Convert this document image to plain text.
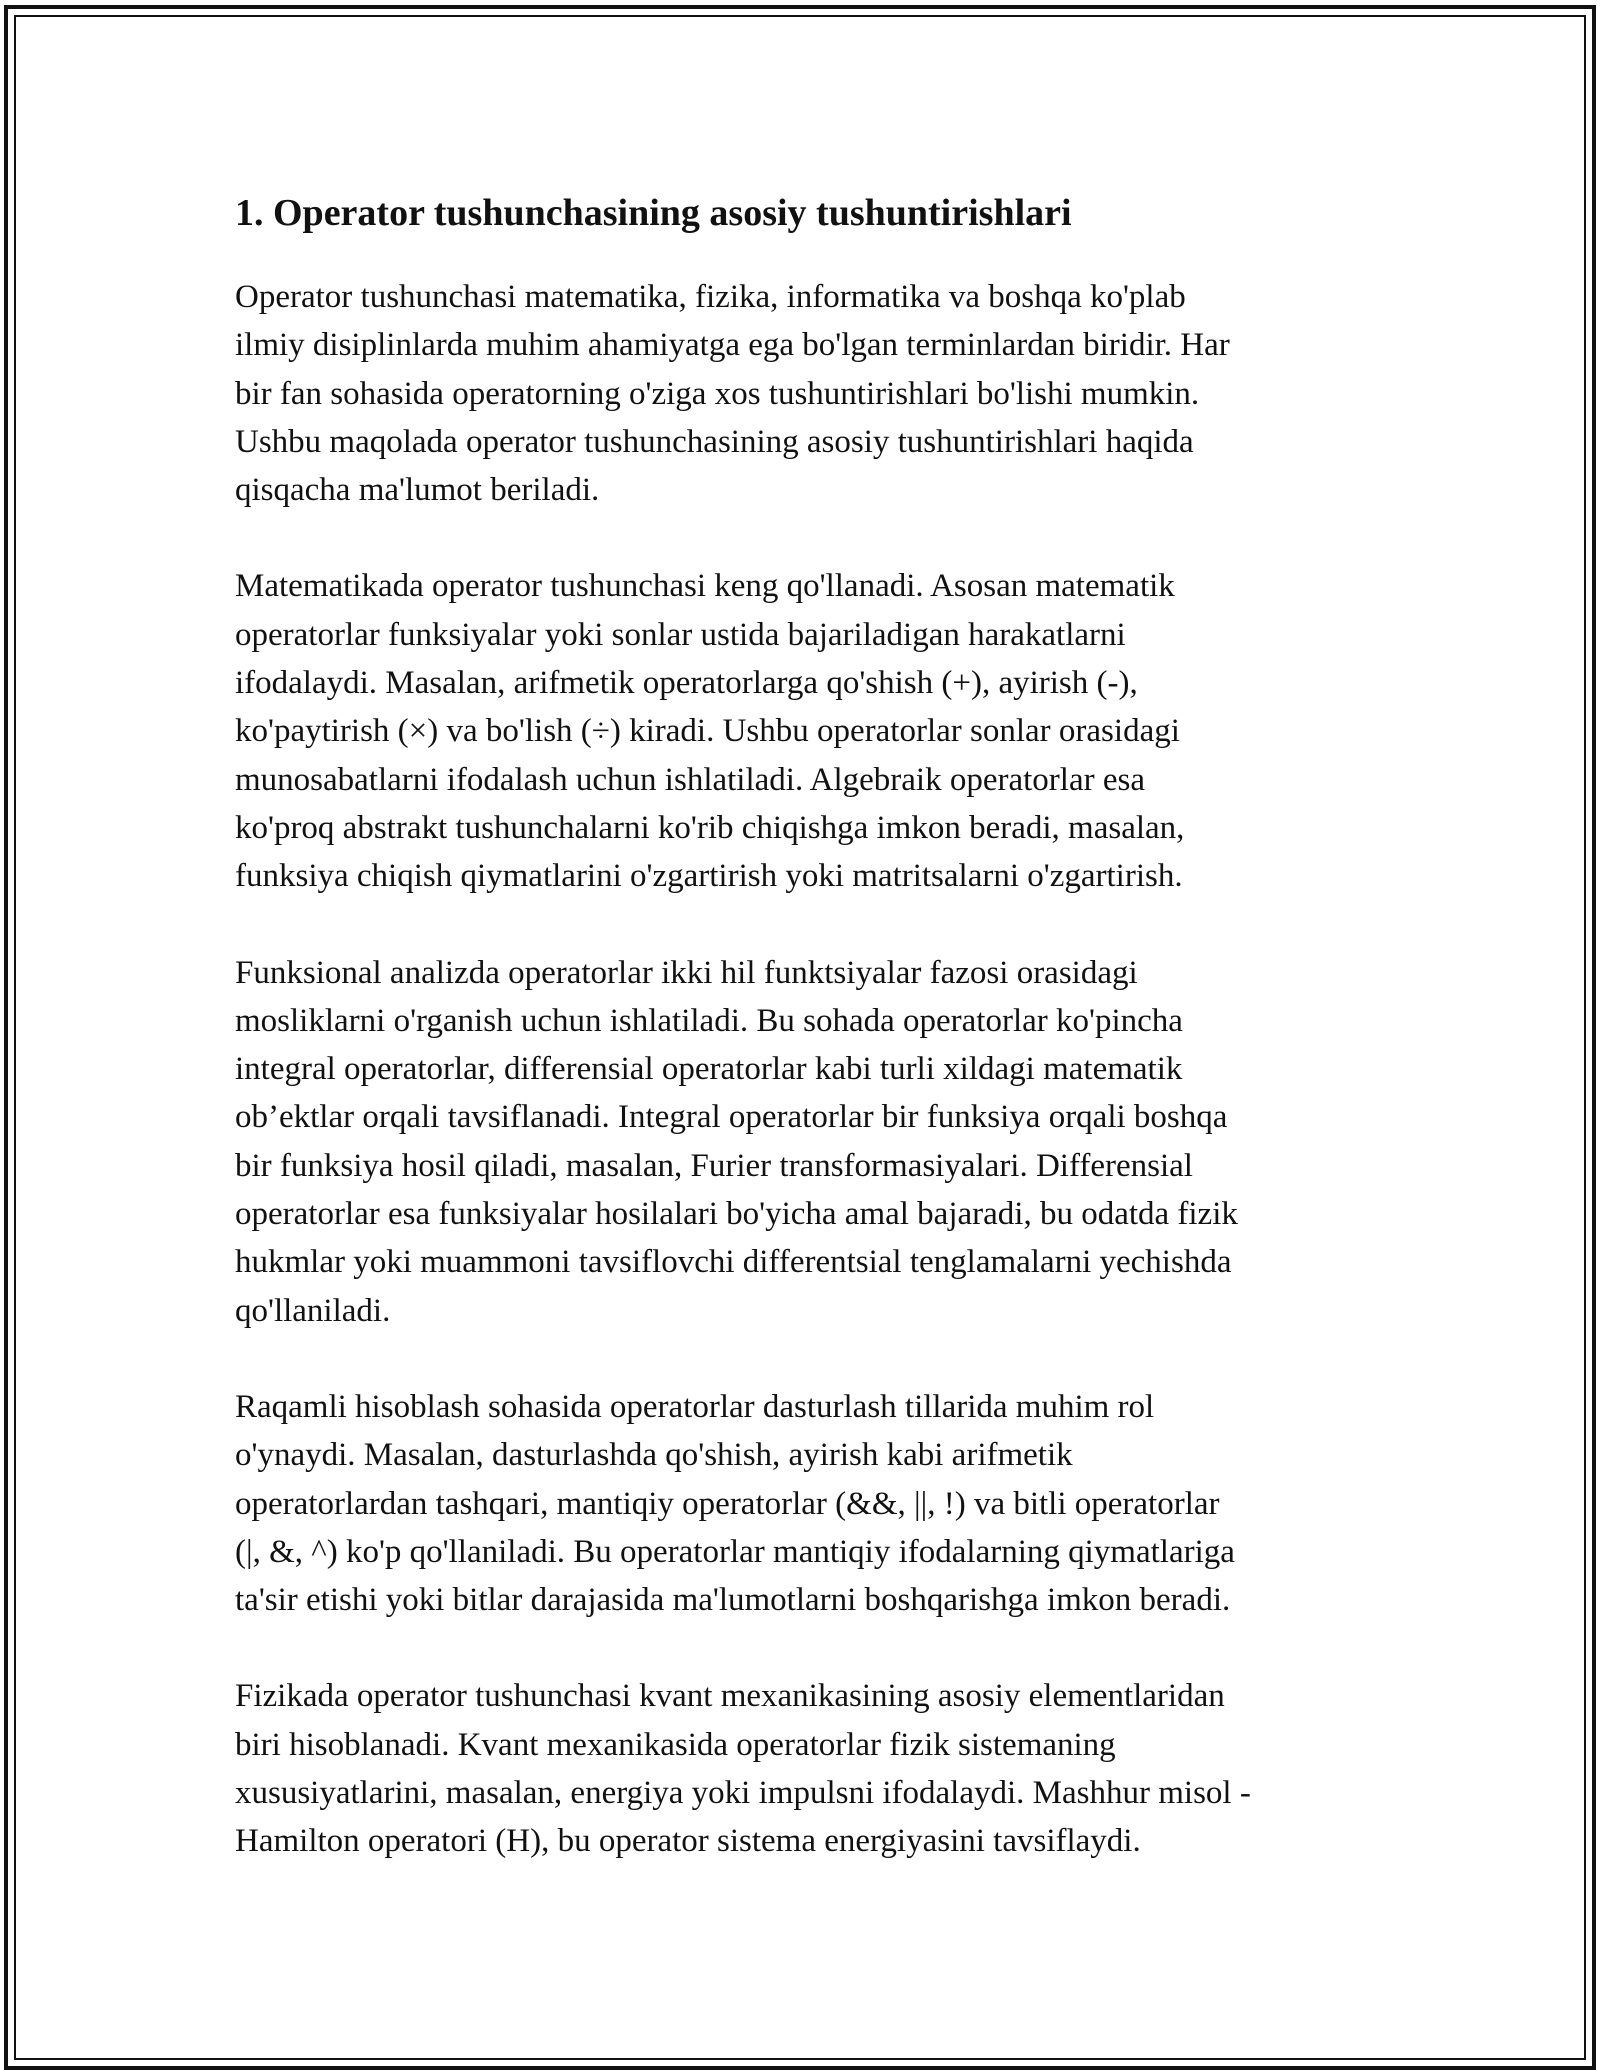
1. Operator tushunchasining asosiy tushuntirishlari

Operator tushunchasi matematika, fizika, informatika va boshqa ko'plab
ilmiy disiplinlarda muhim ahamiyatga ega bo'lgan terminlardan biridir. Har
bir fan sohasida operatorning o'ziga xos tushuntirishlari bo'lishi mumkin.
Ushbu maqolada operator tushunchasining asosiy tushuntirishlari haqida
qisqacha ma'lumot beriladi.

Matematikada operator tushunchasi keng qo'llanadi. Asosan matematik
operatorlar funksiyalar yoki sonlar ustida bajariladigan harakatlarni
ifodalaydi. Masalan, arifmetik operatorlarga qo'shish (+), ayirish (-),
ko'paytirish (×) va bo'lish (÷) kiradi. Ushbu operatorlar sonlar orasidagi
munosabatlarni ifodalash uchun ishlatiladi. Algebraik operatorlar esa
ko'proq abstrakt tushunchalarni ko'rib chiqishga imkon beradi, masalan,
funksiya chiqish qiymatlarini o'zgartirish yoki matritsalarni o'zgartirish.

Funksional analizda operatorlar ikki hil funktsiyalar fazosi orasidagi
mosliklarni o'rganish uchun ishlatiladi. Bu sohada operatorlar ko'pincha
integral operatorlar, differensial operatorlar kabi turli xildagi matematik
ob’ektlar orqali tavsiflanadi. Integral operatorlar bir funksiya orqali boshqa
bir funksiya hosil qiladi, masalan, Furier transformasiyalari. Differensial
operatorlar esa funksiyalar hosilalari bo'yicha amal bajaradi, bu odatda fizik
hukmlar yoki muammoni tavsiflovchi differentsial tenglamalarni yechishda
qo'llaniladi.

Raqamli hisoblash sohasida operatorlar dasturlash tillarida muhim rol
o'ynaydi. Masalan, dasturlashda qo'shish, ayirish kabi arifmetik
operatorlardan tashqari, mantiqiy operatorlar (&&, ||, !) va bitli operatorlar
(|, &, ^) ko'p qo'llaniladi. Bu operatorlar mantiqiy ifodalarning qiymatlariga
ta'sir etishi yoki bitlar darajasida ma'lumotlarni boshqarishga imkon beradi.

Fizikada operator tushunchasi kvant mexanikasining asosiy elementlaridan
biri hisoblanadi. Kvant mexanikasida operatorlar fizik sistemaning
xususiyatlarini, masalan, energiya yoki impulsni ifodalaydi. Mashhur misol -
Hamilton operatori (H), bu operator sistema energiyasini tavsiflaydi.
